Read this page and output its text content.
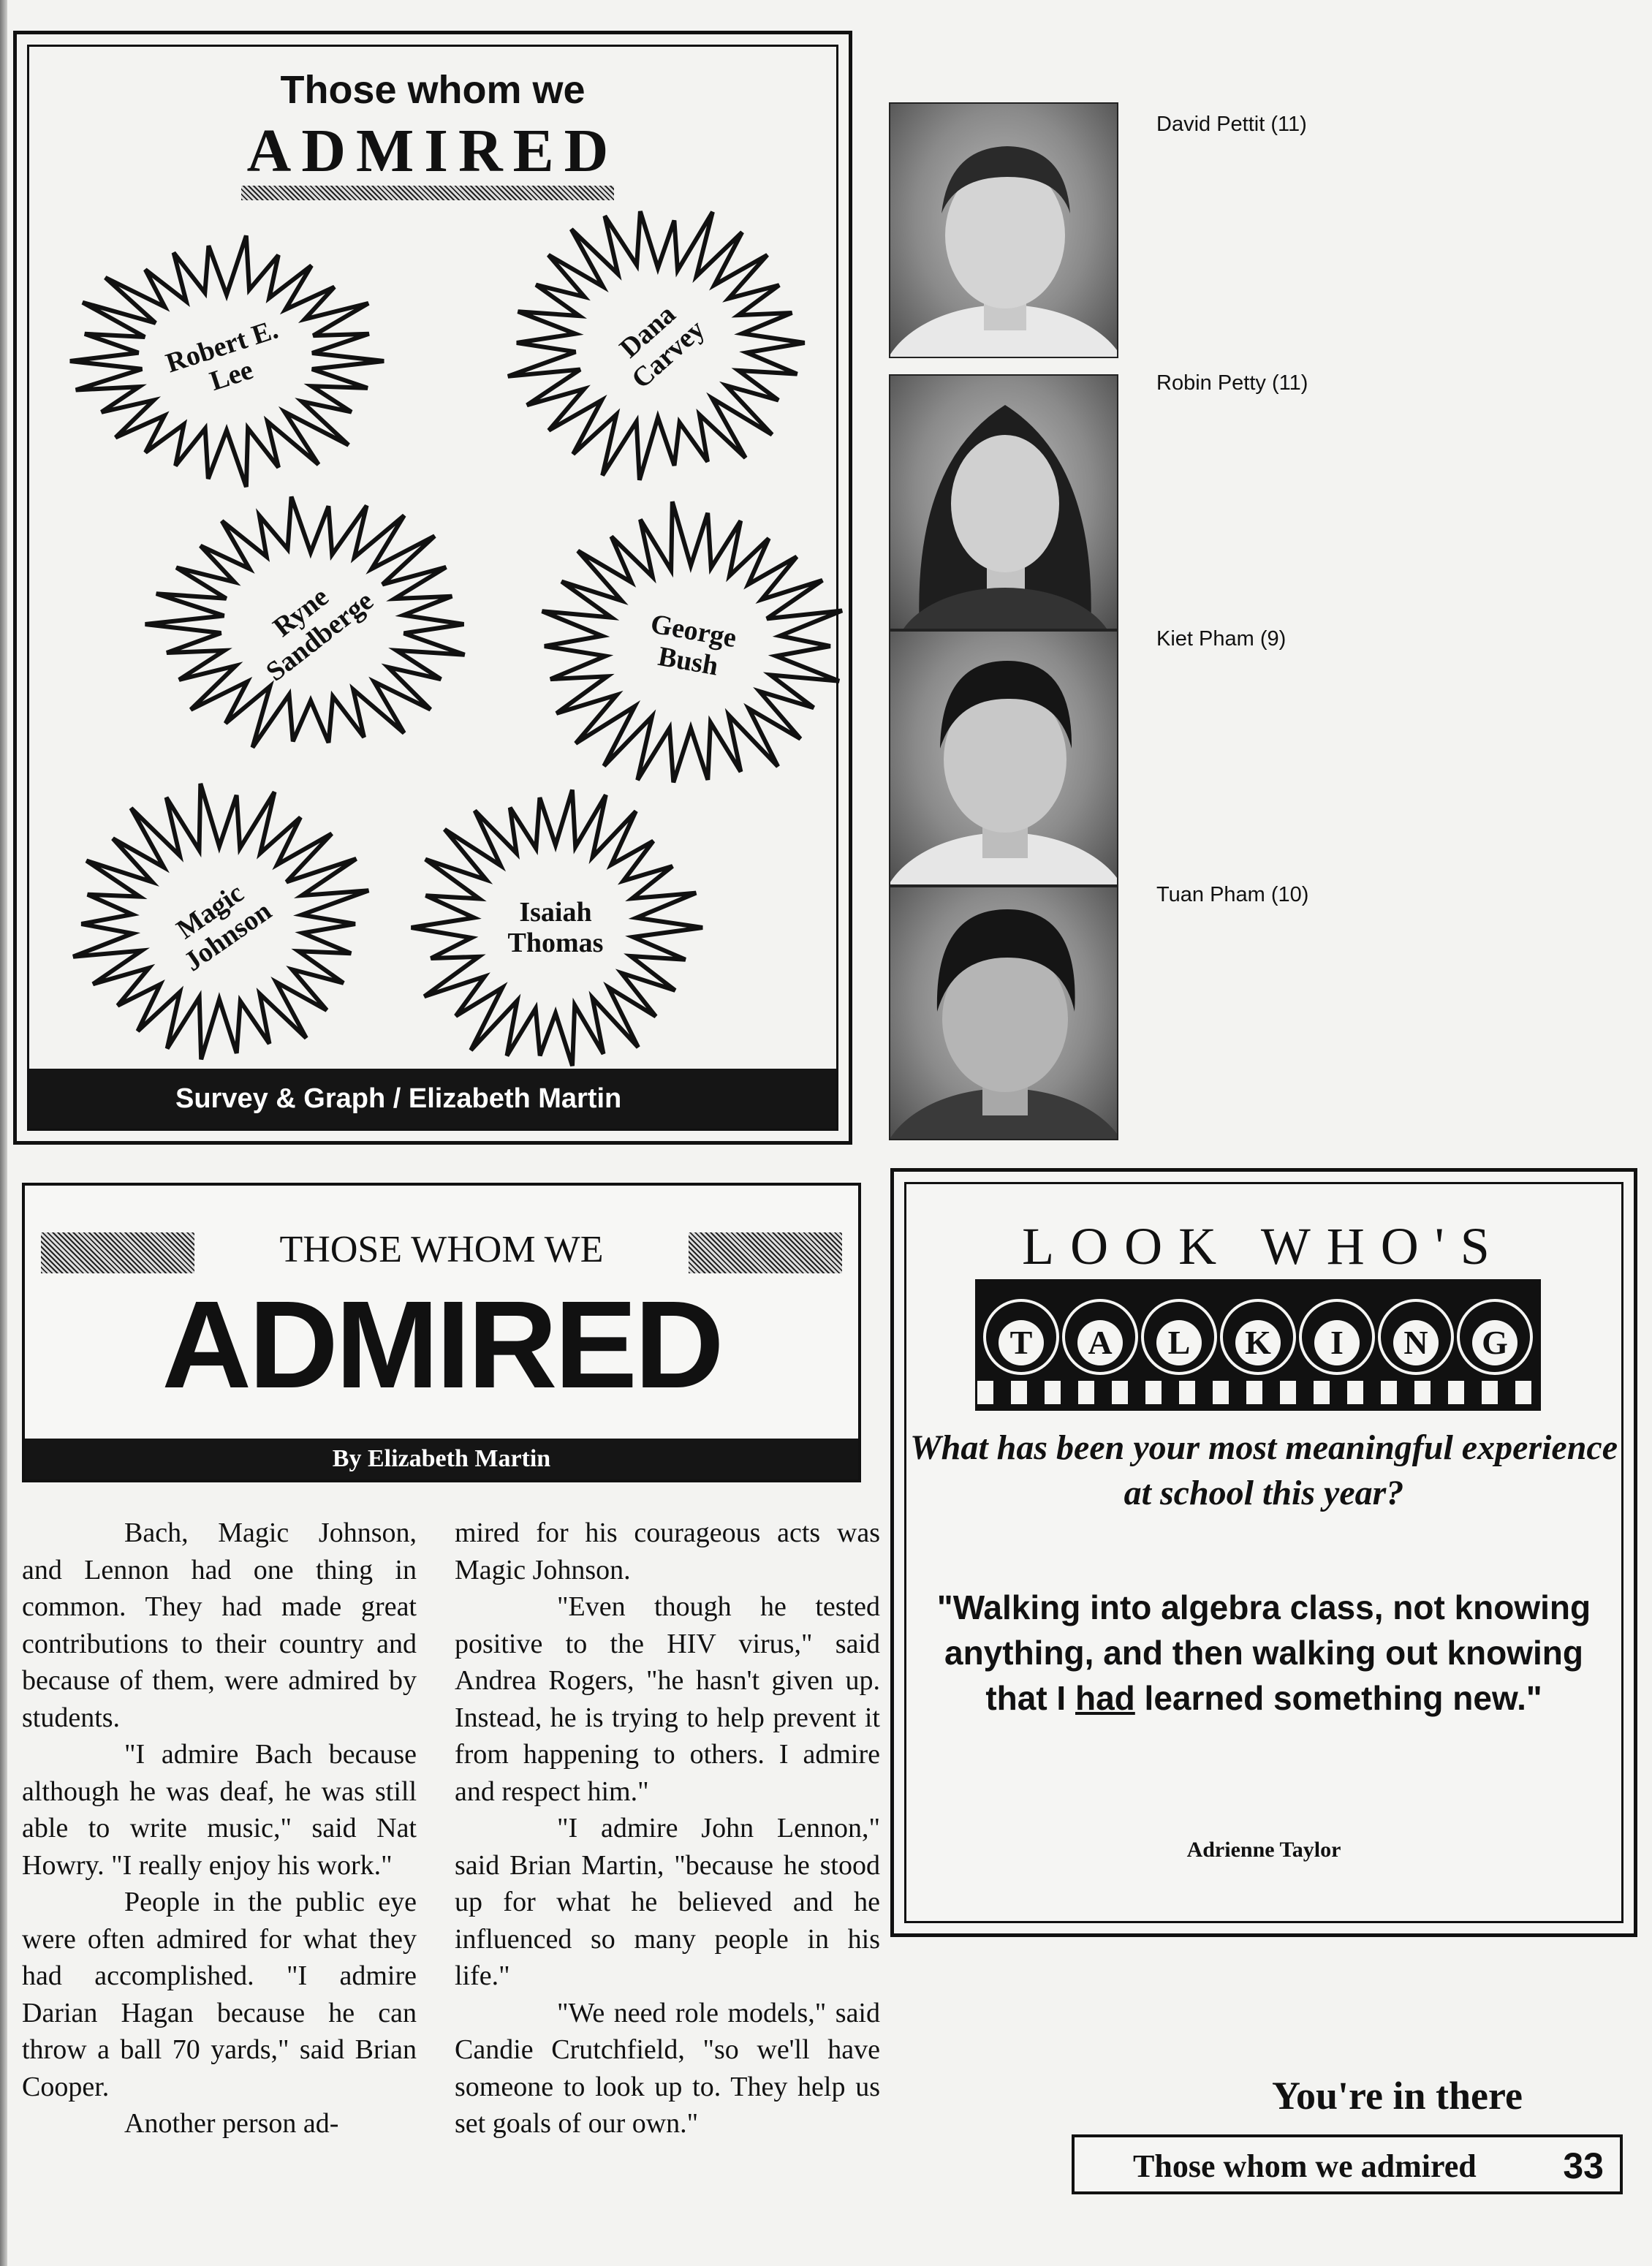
Those whom we
ADMIRED
Robert E.
Lee
Dana
Carvey
Ryne
Sandberge	George
Bush
Magic
Johnson	Isaiah
Thomas
Survey & Graph / Elizabeth Martin
David Pettit (11)
Robin Petty (11)
Kiet Pham (9)
Tuan Pham (10)
THOSE WHOM WE
ADMIRED
By Elizabeth Martin

Bach, Magic Johnson, and Lennon had one thing in common. They had made great contributions to their country and because of them, were admired by students.

"I admire Bach because although he was deaf, he was still able to write music," said Nat Howry. "I really enjoy his work."

People in the public eye were often admired for what they had accomplished. "I admire Darian Hagan because he can throw a ball 70 yards," said Brian Cooper.

Another person ad-

mired for his courageous acts was Magic Johnson.

"Even though he tested positive to the HIV virus," said Andrea Rogers, "he hasn't given up. Instead, he is trying to help prevent it from happening to others. I admire and respect him."

"I admire John Lennon," said Brian Martin, "because he stood up for what he believed and he influenced so many people in his life."

"We need role models," said Candie Crutchfield, "so we'll have someone to look up to. They help us set goals of our own."

LOOK WHO'S
T	A	L	K	I	N	G
What has been your most meaningful experience at school this year?
"Walking into algebra class, not knowing anything, and then walking out knowing that I had learned something new."
Adrienne Taylor
You're in there
Those whom we admired 33
